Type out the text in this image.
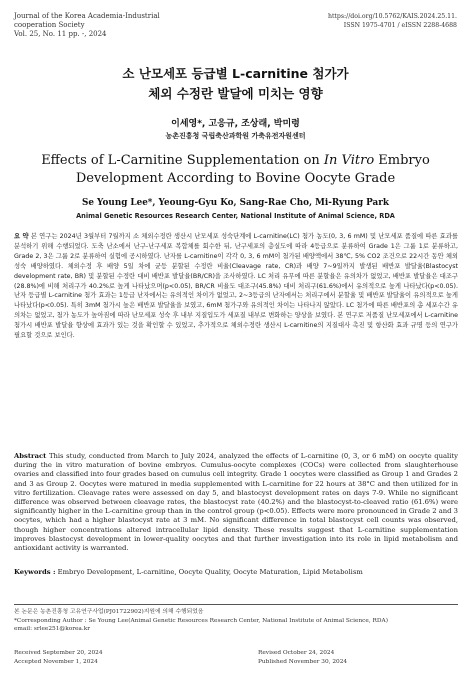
Journal of the Korea Academia-Industrial
cooperation Society
Vol. 25, No. 11 pp. -, 2024
https://doi.org/10.5762/KAIS.2024.25.11.
ISSN 1975-4701 / eISSN 2288-4688
소 난모세포 등급별 L-carnitine 첨가가
체외 수정란 발달에 미치는 영향
이세영*, 고응규, 조상래, 박미령
농촌진흥청 국립축산과학원 가축유전자원센터
Effects of L-Carnitine Supplementation on In Vitro Embryo
Development According to Bovine Oocyte Grade
Se Young Lee*, Yeoung-Gyu Ko, Sang-Rae Cho, Mi-Ryung Park
Animal Genetic Resources Research Center, National Institute of Animal Science, RDA
요 약 본 연구는 2024년 3월부터 7월까지 소 체외수정란 생산시 난모세포 성숙단계에 L-carnitine(LC) 첨가 농도(0, 3, 6 mM) 및 난모세포 품질에 따른 효과를 분석하기 위해 수행되었다. 도축 난소에서 난구-난구세포 복합체를 회수한 뒤, 난구세포의 층실도에 따라 4등급으로 분류하여 Grade 1은 그룹 1로 분류하고, Grade 2, 3은 그룹 2로 분류하여 실험에 공시하였다. 난자를 L-carnitine이 각각 0, 3, 6 mM이 첨가된 배양액에서 38℃, 5% CO2 조건으로 22시간 동안 체외성숙 배양하였다. 체외수정 후 배양 5일 차에 균등 분할된 수정란 비율(Cleavage rate, CR)과 배양 7~9일까지 발생된 배반포 발달율(Blastocyst development rate, BR) 및 분할된 수정란 대비 배반포 발달율(BR/CR)을 조사하였다. LC 처리 유무에 따른 분할율은 유의차가 없었고, 배반포 발달율은 대조구(28.8%)에 비해 처리구가 40.2%로 높게 나타났으며(p<0.05), BR/CR 비율도 대조구(45.8%) 대비 처리구(61.6%)에서 유의적으로 높게 나타났다(p<0.05). 난자 등급별 L-carnitine 첨가 효과는 1등급 난자에서는 유의적인 차이가 없었고, 2~3등급의 난자에서는 처리구에서 분할율 및 배반포 발달율이 유의적으로 높게 나타났다(p<0.05). 특히 3mM 첨가시 높은 배반포 발달율을 보였고, 6mM 첨가구와 유의적인 차이는 나타나지 않았다. LC 첨가에 따른 배반포의 총 세포수간 유의차는 없었고, 첨가 농도가 높아짐에 따라 난모세포 성숙 후 내부 지질입도가 세포질 내부로 변화하는 양상을 보였다. 본 연구로 저품질 난모세포에서 L-carnitine첨가시 배반포 발달율 향상에 효과가 있는 것을 확인할 수 있었고, 추가적으로 체외수정란 생산시 L-carnitine의 지질대사 촉진 및 항산화 효과 규명 등의 연구가 필요할 것으로 보인다.
Abstract This study, conducted from March to July 2024, analyzed the effects of L-carnitine (0, 3, or 6 mM) on oocyte quality during the in vitro maturation of bovine embryos. Cumulus-oocyte complexes (COCs) were collected from slaughterhouse ovaries and classified into four grades based on cumulus cell integrity. Grade 1 oocytes were classified as Group 1 and Grades 2 and 3 as Group 2. Oocytes were matured in media supplemented with L-carnitine for 22 hours at 38°C and then utilized for in vitro fertilization. Cleavage rates were assessed on day 5, and blastocyst development rates on days 7-9. While no significant difference was observed between cleavage rates, the blastocyst rate (40.2%) and the blastocyst-to-cleaved ratio (61.6%) were significantly higher in the L-carnitine group than in the control group (p<0.05). Effects were more pronounced in Grade 2 and 3 oocytes, which had a higher blastocyst rate at 3 mM. No significant difference in total blastocyst cell counts was observed, though higher concentrations altered intracellular lipid density. These results suggest that L-carnitine supplementation improves blastocyst development in lower-quality oocytes and that further investigation into its role in lipid metabolism and antioxidant activity is warranted.
Keywords : Embryo Development, L-carnitine, Oocyte Quality, Oocyte Maturation, Lipid Metabolism
본 논문은 농촌진흥청 고유연구사업(PJ01722902)지원에 의해 수행되었음
*Corresponding Author : Se Young Lee(Animal Genetic Resources Research Center, National Institute of Animal Science, RDA)
email: srlee251@korea.kr
Received September 20, 2024	Revised October 24, 2024
Accepted November 1, 2024	Published November 30, 2024
